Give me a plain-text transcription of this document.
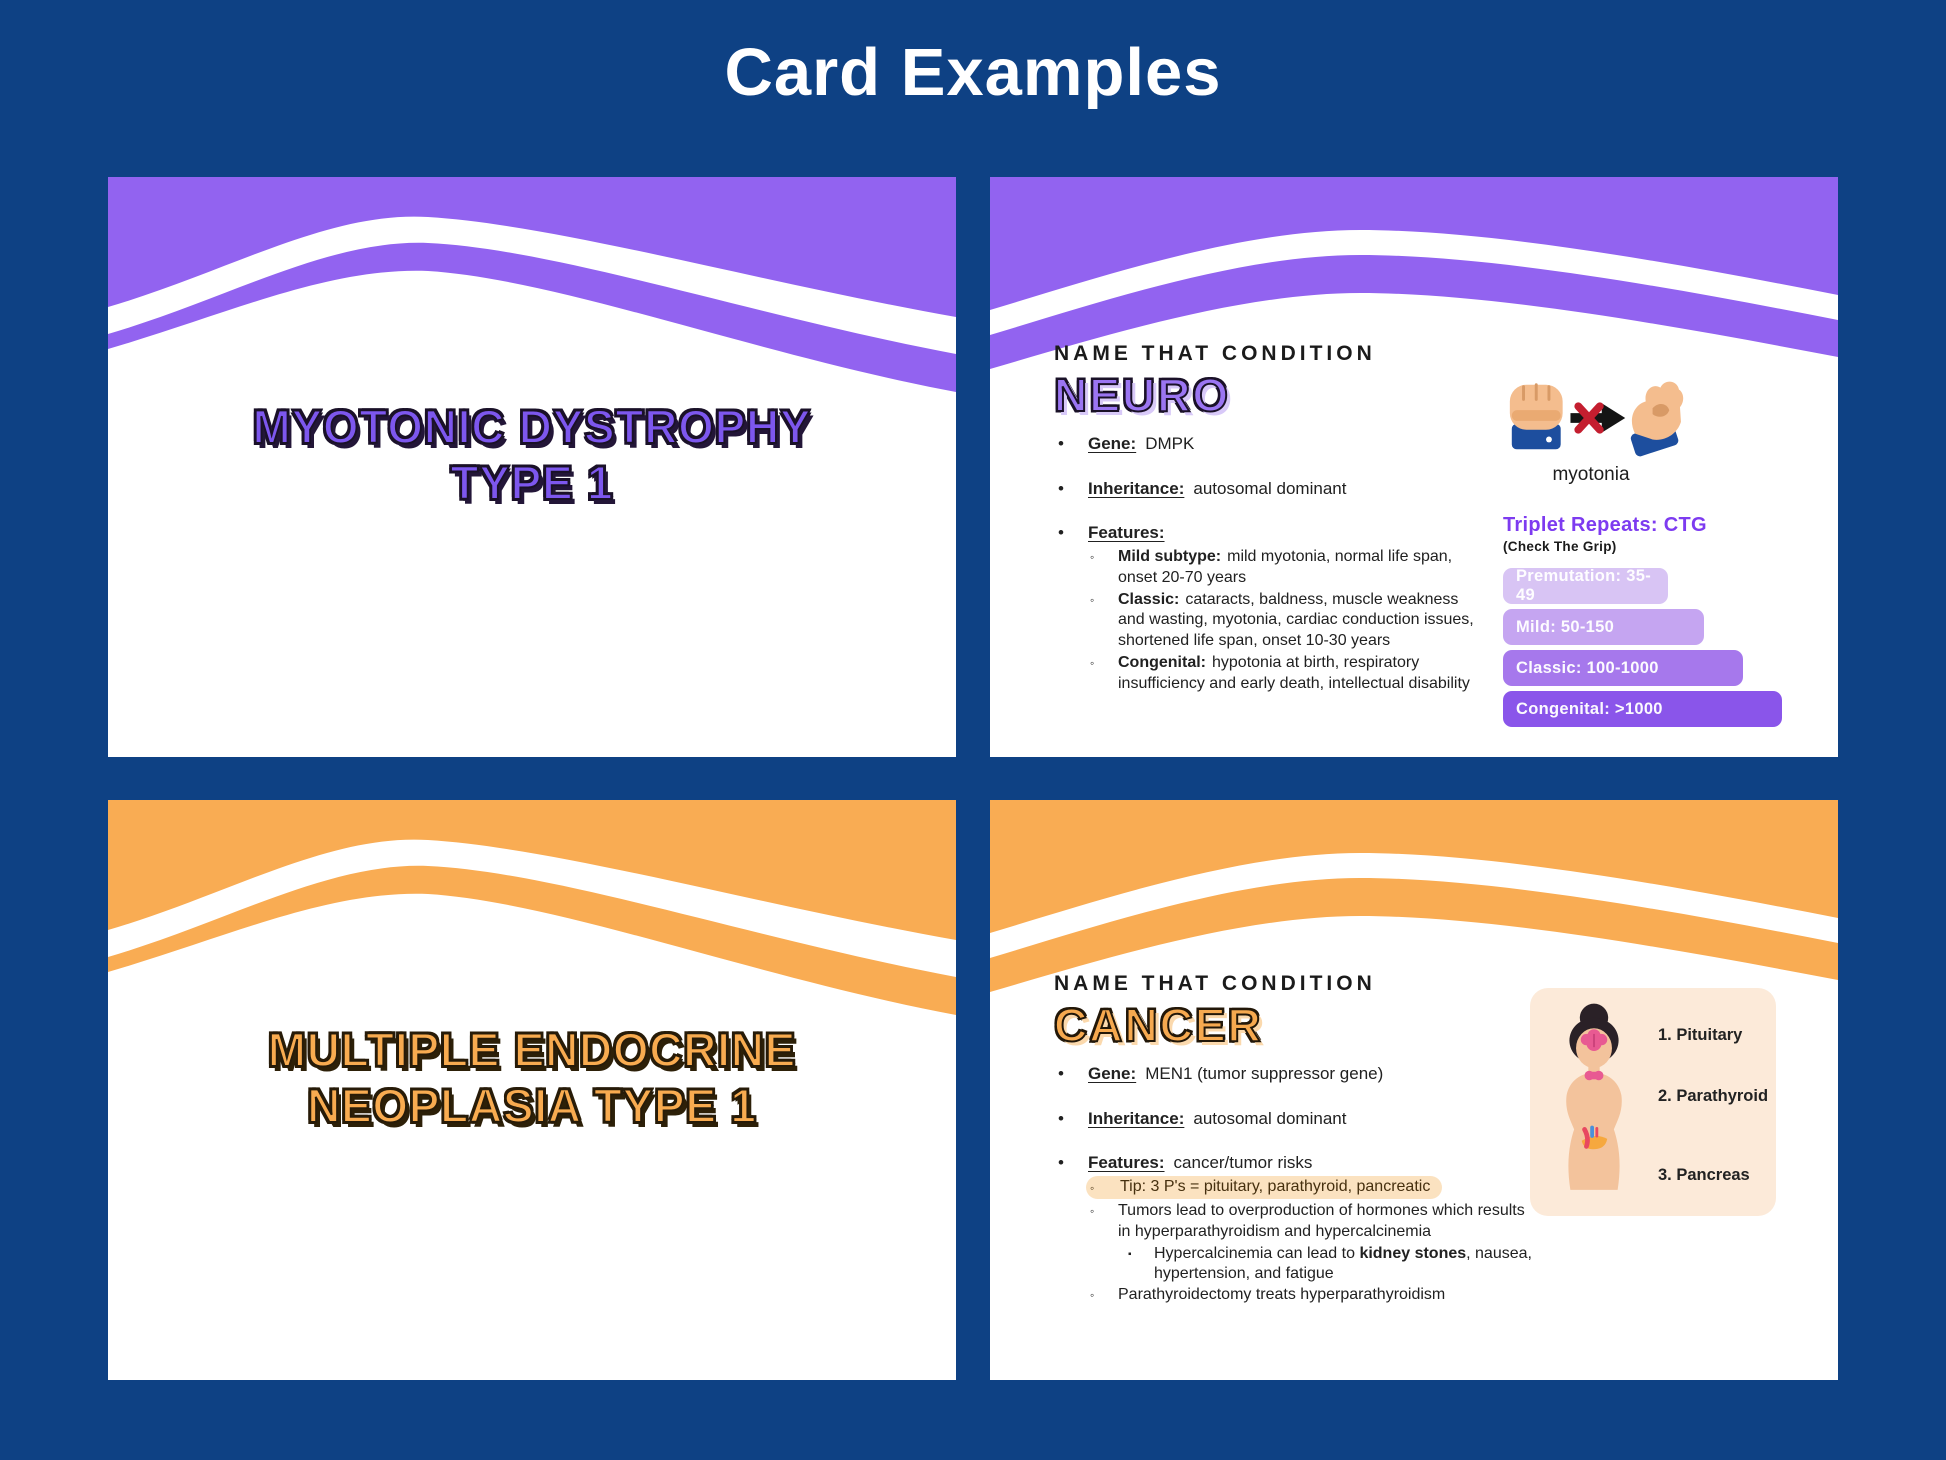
Card Examples
MYOTONIC DYSTROPHY
TYPE 1
NAME THAT CONDITION
NEURO
•	Gene: DMPK
•	Inheritance: autosomal dominant
•	Features:
◦	Mild subtype: mild myotonia, normal life span, onset 20-70 years
◦	Classic: cataracts, baldness, muscle weakness and wasting, myotonia, cardiac conduction issues, shortened life span, onset 10-30 years
◦	Congenital: hypotonia at birth, respiratory insufficiency and early death, intellectual disability
myotonia
Triplet Repeats: CTG
(Check The Grip)
Premutation: 35-49
Mild: 50-150
Classic: 100-1000
Congenital: >1000
MULTIPLE ENDOCRINE
NEOPLASIA TYPE 1
NAME THAT CONDITION
CANCER
•	Gene: MEN1 (tumor suppressor gene)
•	Inheritance: autosomal dominant
•	Features: cancer/tumor risks
◦	Tip: 3 P's = pituitary, parathyroid, pancreatic
◦	Tumors lead to overproduction of hormones which results in hyperparathyroidism and hypercalcinemia
▪	Hypercalcinemia can lead to kidney stones, nausea, hypertension, and fatigue
◦	Parathyroidectomy treats hyperparathyroidism
1. Pituitary
2. Parathyroid
3. Pancreas
